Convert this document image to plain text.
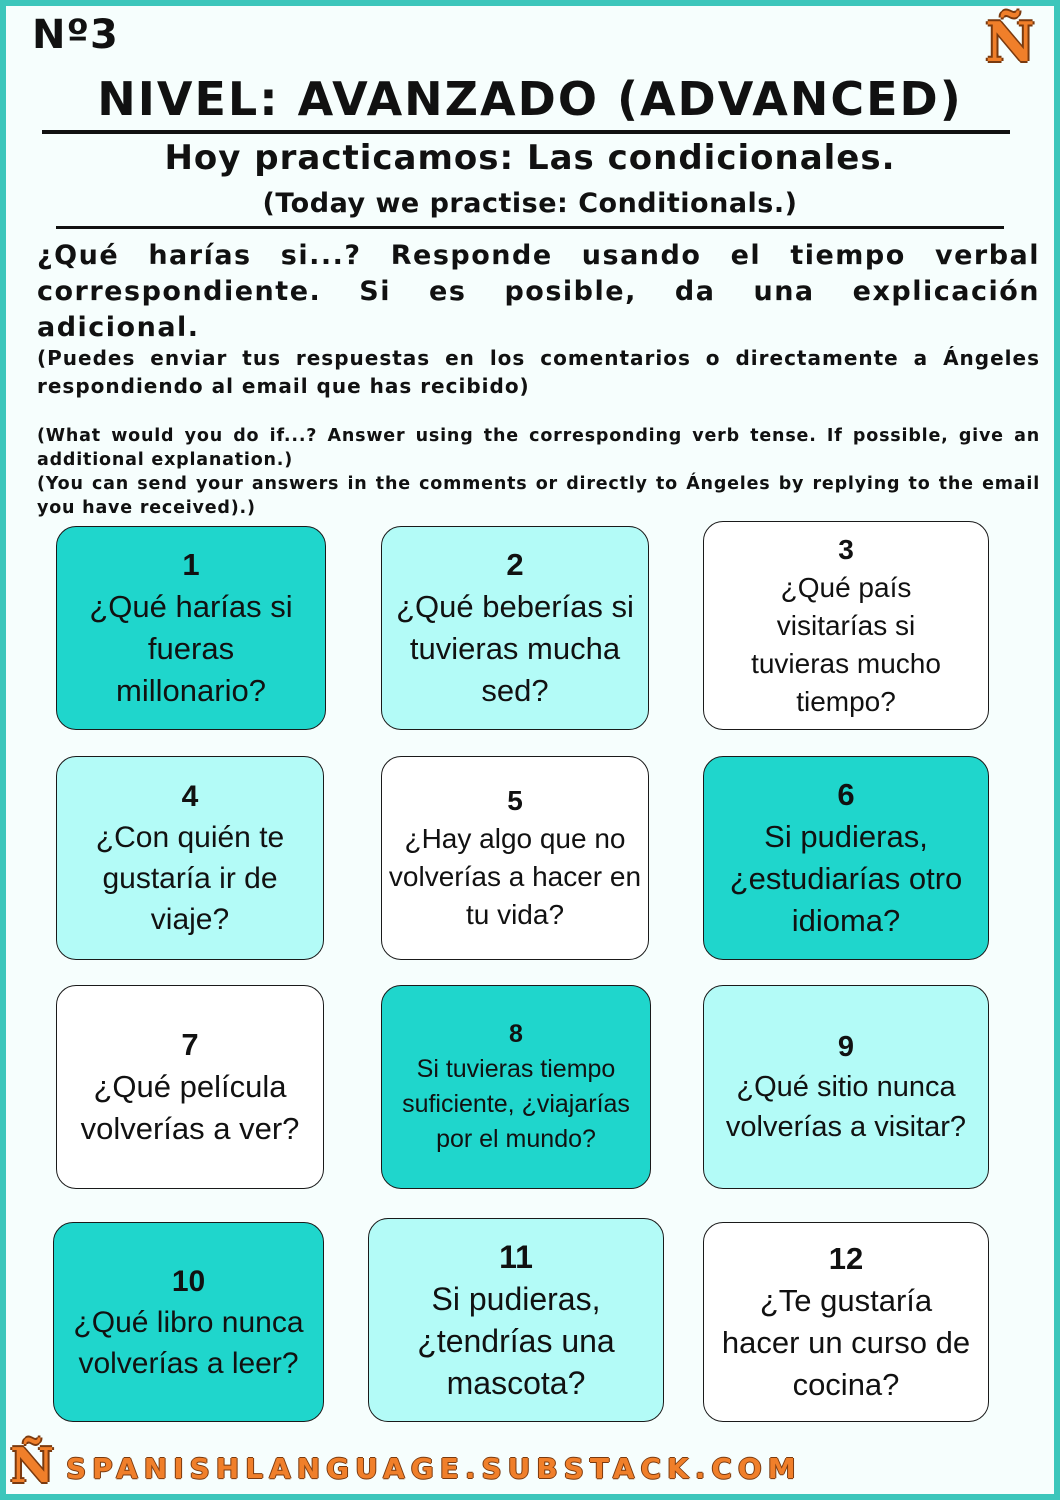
Nº3	Ñ
NIVEL: AVANZADO (ADVANCED)
Hoy practicamos: Las condicionales.
(Today we practise: Conditionals.)
¿Qué harías si...? Responde usando el tiempo verbal correspondiente. Si es posible, da una explicación adicional.
(Puedes enviar tus respuestas en los comentarios o directamente a Ángeles respondiendo al email que has recibido)
(What would you do if...? Answer using the corresponding verb tense. If possible, give an additional explanation.)
(You can send your answers in the comments or directly to Ángeles by replying to the email you have received).)
1
¿Qué harías si fueras millonario?
2
¿Qué beberías si tuvieras mucha sed?
3
¿Qué país visitarías si tuvieras mucho tiempo?
4
¿Con quién te gustaría ir de viaje?
5
¿Hay algo que no volverías a hacer en tu vida?
6
Si pudieras, ¿estudiarías otro idioma?
7
¿Qué película volverías a ver?
8
Si tuvieras tiempo suficiente, ¿viajarías por el mundo?
9
¿Qué sitio nunca volverías a visitar?
10
¿Qué libro nunca volverías a leer?
11
Si pudieras, ¿tendrías una mascota?
12
¿Te gustaría hacer un curso de cocina?
Ñ SPANISHLANGUAGE.SUBSTACK.COM
